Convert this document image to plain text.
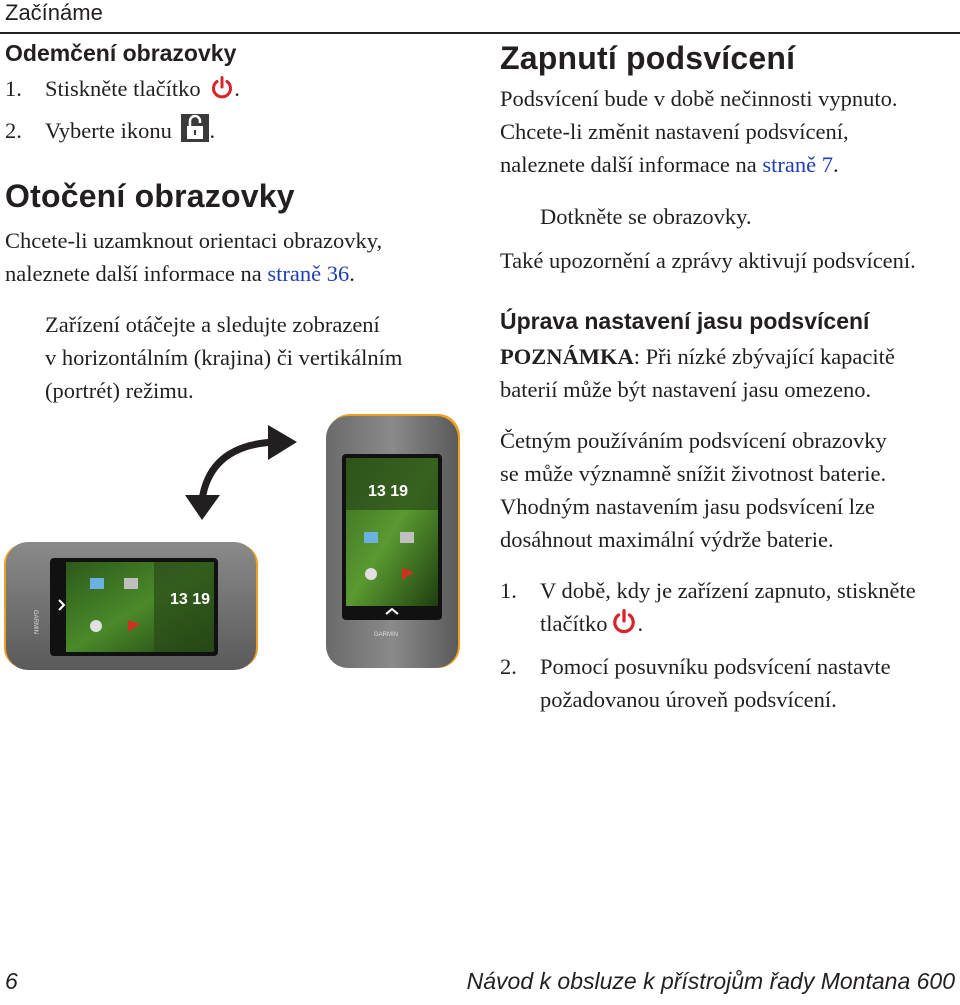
Začínáme
Odemčení obrazovky
1. Stiskněte tlačítko .
2. Vyberte ikonu .
Otočení obrazovky
Chcete-li uzamknout orientaci obrazovky,
naleznete další informace na straně 36.
Zařízení otáčejte a sledujte zobrazení
v horizontálním (krajina) či vertikálním
(portrét) režimu.
13 19
GARMIN
13 19
GARMIN
Zapnutí podsvícení
Podsvícení bude v době nečinnosti vypnuto.
Chcete-li změnit nastavení podsvícení,
naleznete další informace na straně 7.
Dotkněte se obrazovky.
Také upozornění a zprávy aktivují podsvícení.
Úprava nastavení jasu podsvícení
POZNÁMKA: Při nízké zbývající kapacitě
baterií může být nastavení jasu omezeno.
Četným používáním podsvícení obrazovky
se může významně snížit životnost baterie.
Vhodným nastavením jasu podsvícení lze
dosáhnout maximální výdrže baterie.
1. V době, kdy je zařízení zapnuto, stiskněte
tlačítko .
2. Pomocí posuvníku podsvícení nastavte
požadovanou úroveň podsvícení.
6	Návod k obsluze k přístrojům řady Montana 600
